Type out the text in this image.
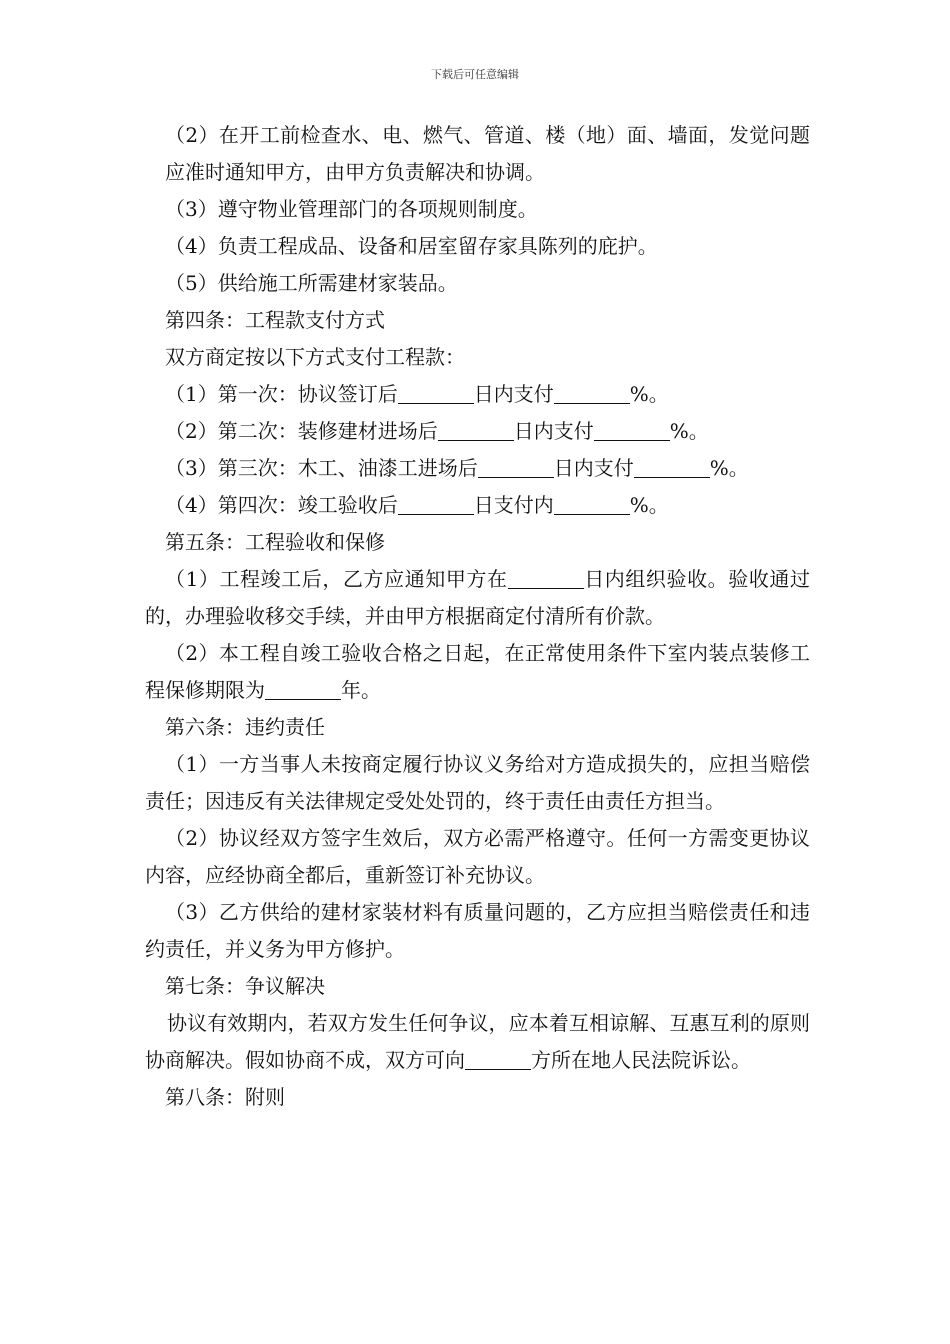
下载后可任意编辑

（2）在开工前检查水、电、燃气、管道、楼（地）面、墙面，发觉问题应准时通知甲方，由甲方负责解决和协调。

（3）遵守物业管理部门的各项规则制度。

（4）负责工程成品、设备和居室留存家具陈列的庇护。

（5）供给施工所需建材家装品。

第四条：工程款支付方式

双方商定按以下方式支付工程款：

（1）第一次：协议签订后	日内支付	%。

（2）第二次：装修建材进场后	日内支付	%。

（3）第三次：木工、油漆工进场后	日内支付	%。

（4）第四次：竣工验收后	日支付内	%。

第五条：工程验收和保修

（1）工程竣工后，乙方应通知甲方在	日内组织验收。验收通过的，办理验收移交手续，并由甲方根据商定付清所有价款。

（2）本工程自竣工验收合格之日起，在正常使用条件下室内装点装修工程保修期限为	年。

第六条：违约责任

（1）一方当事人未按商定履行协议义务给对方造成损失的，应担当赔偿责任；因违反有关法律规定受处处罚的，终于责任由责任方担当。

（2）协议经双方签字生效后，双方必需严格遵守。任何一方需变更协议内容，应经协商全都后，重新签订补充协议。

（3）乙方供给的建材家装材料有质量问题的，乙方应担当赔偿责任和违约责任，并义务为甲方修护。

第七条：争议解决

协议有效期内，若双方发生任何争议，应本着互相谅解、互惠互利的原则协商解决。假如协商不成，双方可向	方所在地人民法院诉讼。

第八条：附则
